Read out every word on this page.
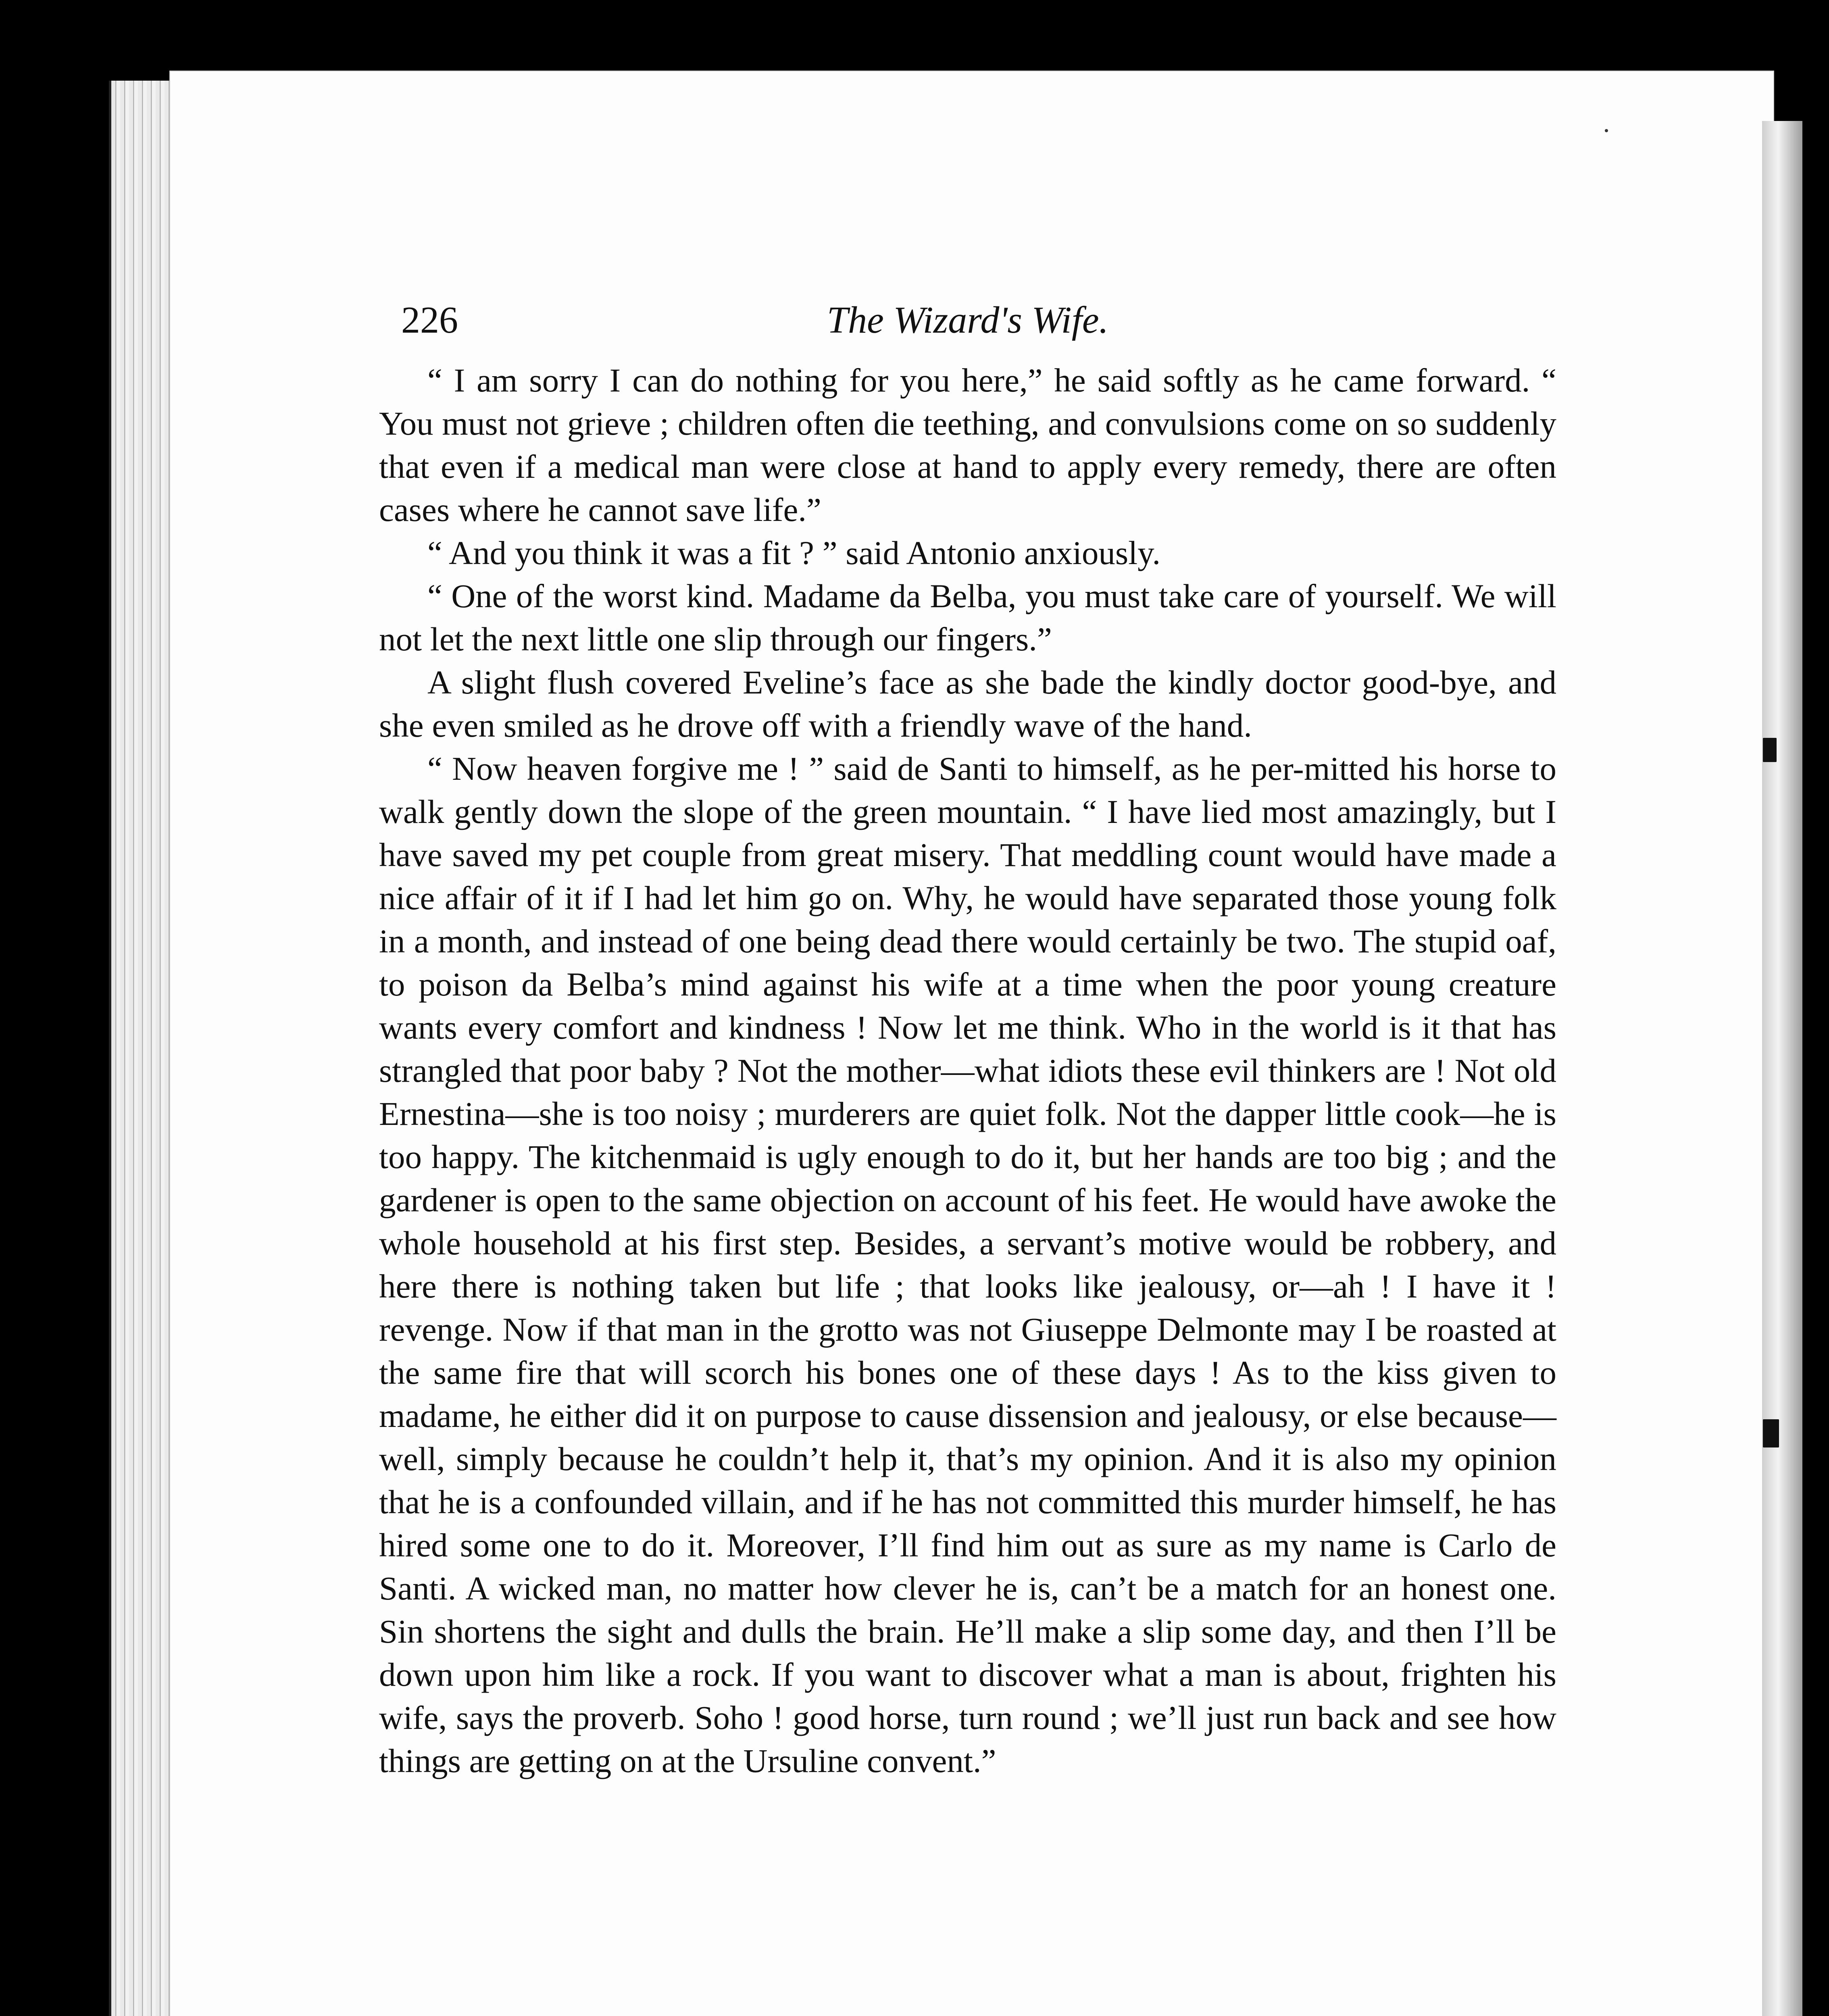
226	The Wizard's Wife.

“ I am sorry I can do nothing for you here,” he said softly as he came forward. “ You must not grieve ; children often die teething, and convulsions come on so suddenly that even if a medical man were close at hand to apply every remedy, there are often cases where he cannot save life.”

“ And you think it was a fit ? ” said Antonio anxiously.

“ One of the worst kind. Madame da Belba, you must take care of yourself. We will not let the next little one slip through our fingers.”

A slight flush covered Eveline’s face as she bade the kindly doctor good-bye, and she even smiled as he drove off with a friendly wave of the hand.

“ Now heaven forgive me ! ” said de Santi to himself, as he per-mitted his horse to walk gently down the slope of the green mountain. “ I have lied most amazingly, but I have saved my pet couple from great misery. That meddling count would have made a nice affair of it if I had let him go on. Why, he would have separated those young folk in a month, and instead of one being dead there would certainly be two. The stupid oaf, to poison da Belba’s mind against his wife at a time when the poor young creature wants every comfort and kindness ! Now let me think. Who in the world is it that has strangled that poor baby ? Not the mother—what idiots these evil thinkers are ! Not old Ernestina—she is too noisy ; murderers are quiet folk. Not the dapper little cook—he is too happy. The kitchenmaid is ugly enough to do it, but her hands are too big ; and the gardener is open to the same objection on account of his feet. He would have awoke the whole household at his first step. Besides, a servant’s motive would be robbery, and here there is nothing taken but life ; that looks like jealousy, or—ah ! I have it ! revenge. Now if that man in the grotto was not Giuseppe Delmonte may I be roasted at the same fire that will scorch his bones one of these days ! As to the kiss given to madame, he either did it on purpose to cause dissension and jealousy, or else because—well, simply because he couldn’t help it, that’s my opinion. And it is also my opinion that he is a confounded villain, and if he has not committed this murder himself, he has hired some one to do it. Moreover, I’ll find him out as sure as my name is Carlo de Santi. A wicked man, no matter how clever he is, can’t be a match for an honest one. Sin shortens the sight and dulls the brain. He’ll make a slip some day, and then I’ll be down upon him like a rock. If you want to discover what a man is about, frighten his wife, says the proverb. Soho ! good horse, turn round ; we’ll just run back and see how things are getting on at the Ursuline convent.”
